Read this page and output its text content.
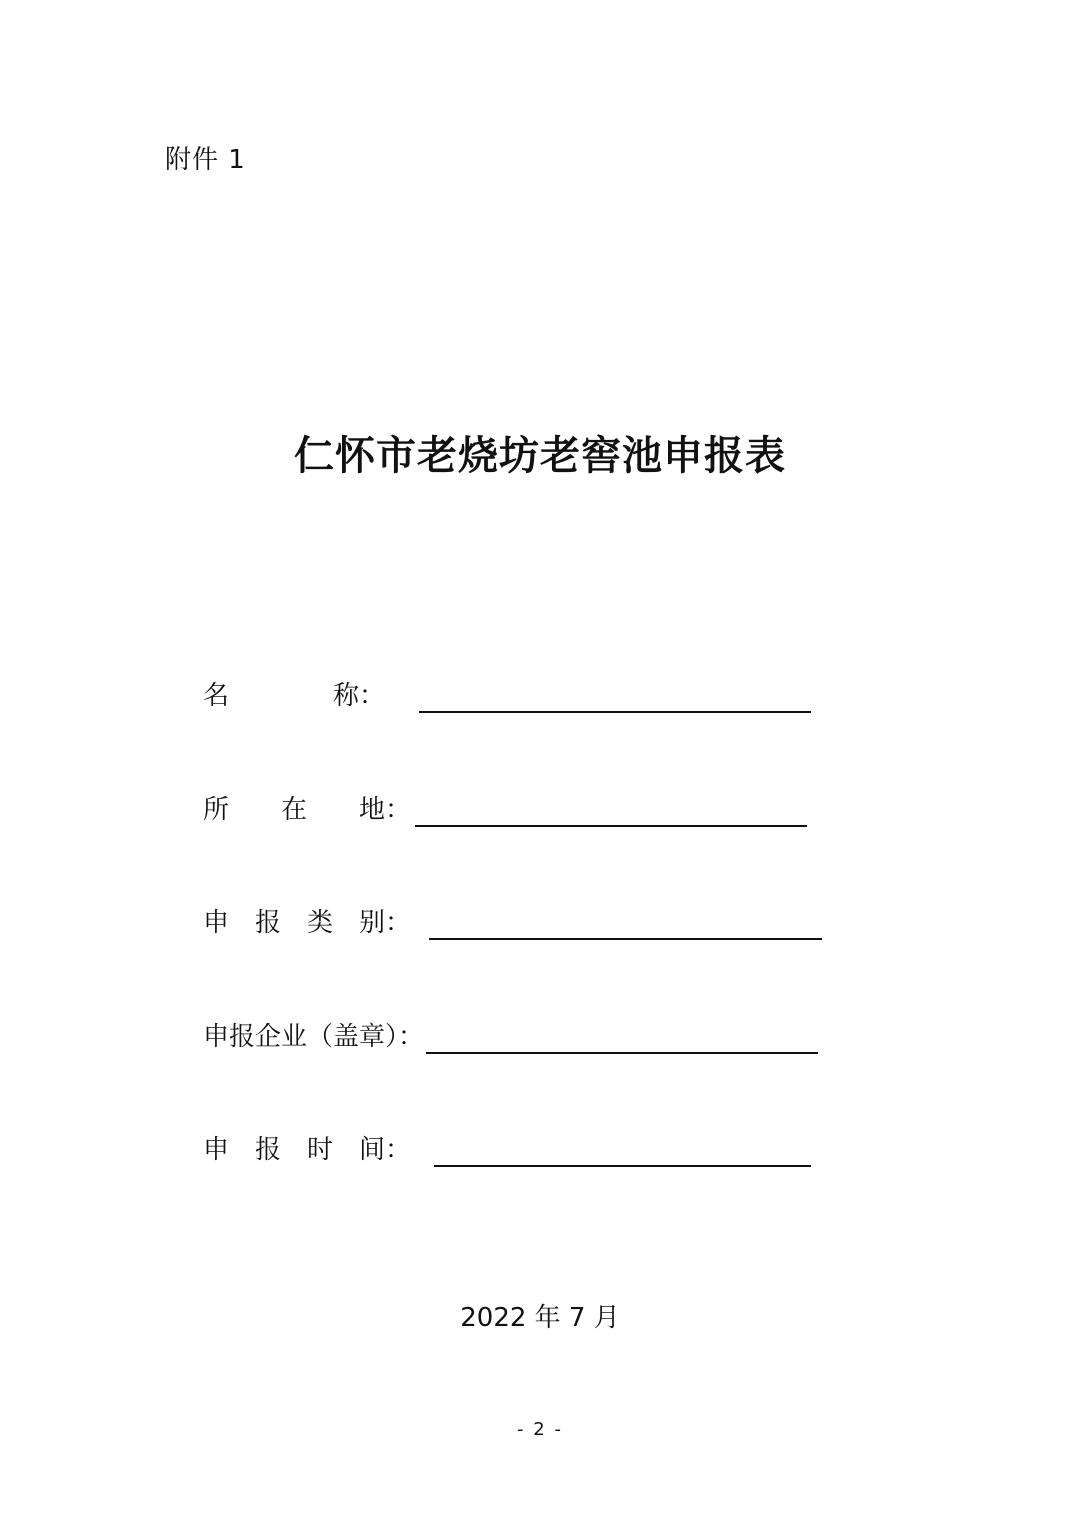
附件 1
仁怀市老烧坊老窖池申报表
名　　　　称：
所　　在　　地：
申　报　类　别：
申报企业（盖章）：
申　报　时　间：
2022 年 7 月
- 2 -
